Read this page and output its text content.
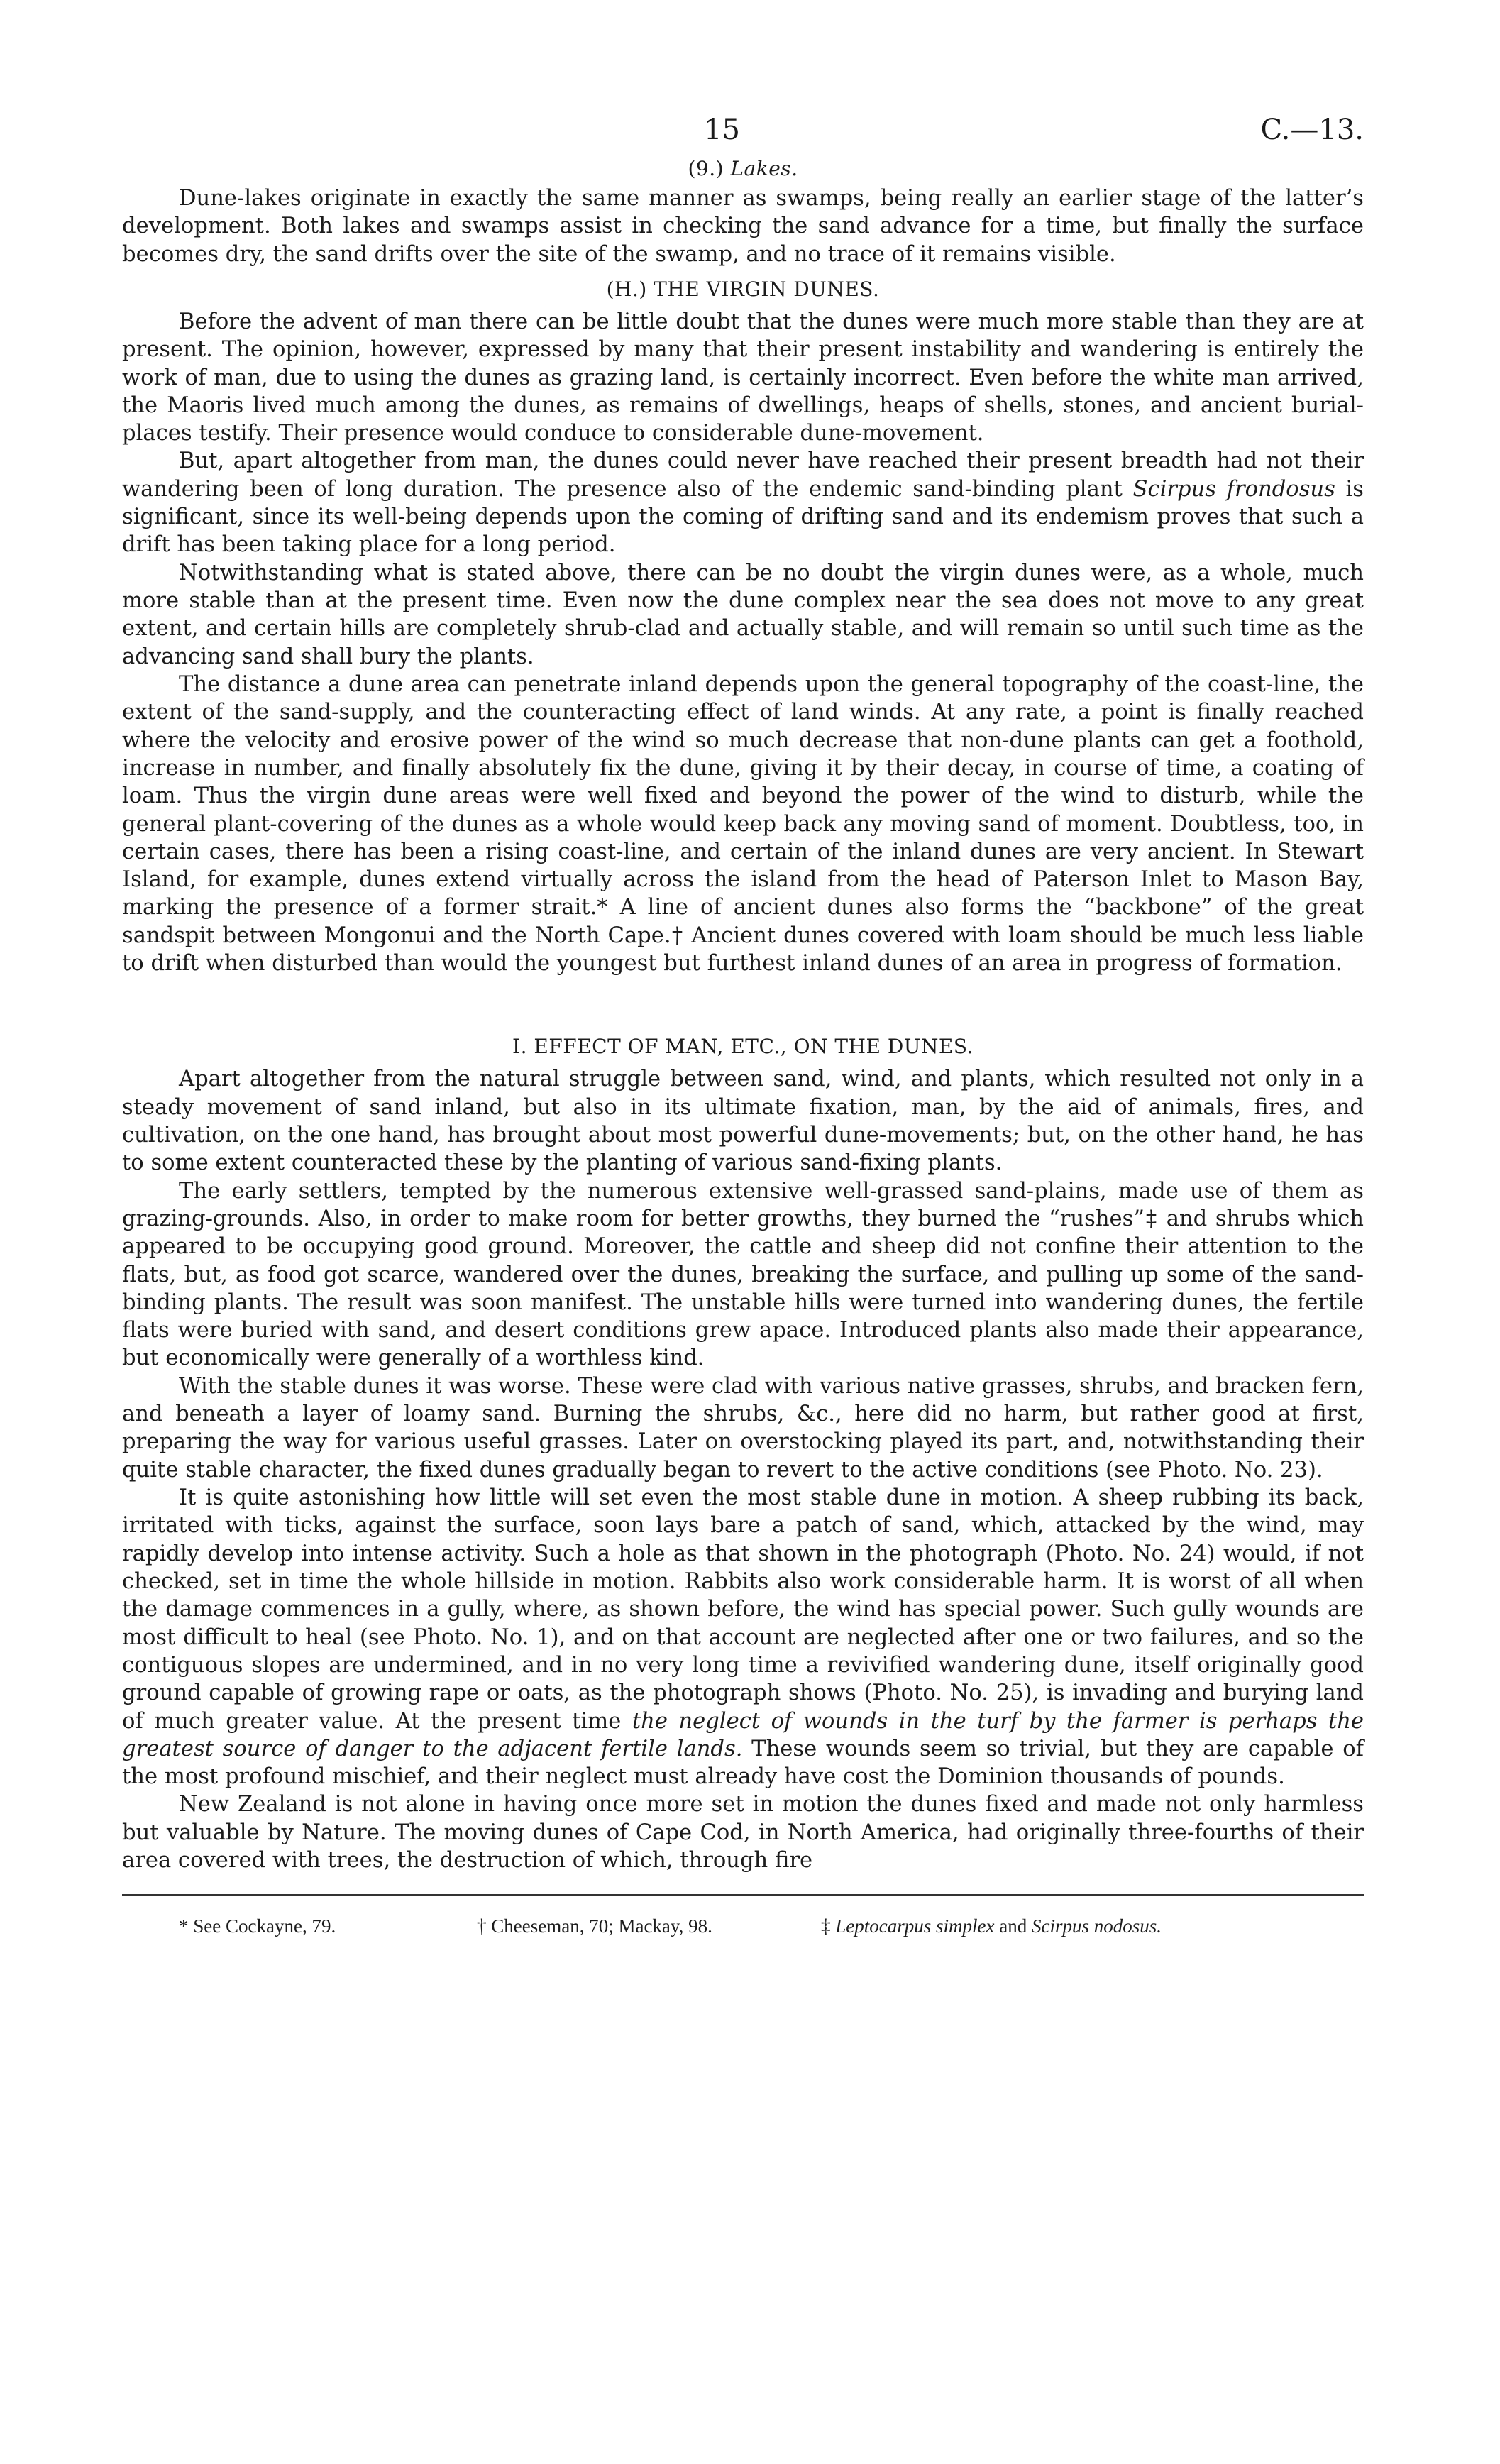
15	C.—13.

(9.) Lakes.

Dune-lakes originate in exactly the same manner as swamps, being really an earlier stage of the latter’s development. Both lakes and swamps assist in checking the sand advance for a time, but finally the surface becomes dry, the sand drifts over the site of the swamp, and no trace of it remains visible.

(H.) THE VIRGIN DUNES.

Before the advent of man there can be little doubt that the dunes were much more stable than they are at present. The opinion, however, expressed by many that their present instability and wandering is entirely the work of man, due to using the dunes as grazing land, is certainly incorrect. Even before the white man arrived, the Maoris lived much among the dunes, as remains of dwellings, heaps of shells, stones, and ancient burial-places testify. Their presence would conduce to considerable dune-movement.

But, apart altogether from man, the dunes could never have reached their present breadth had not their wandering been of long duration. The presence also of the endemic sand-binding plant Scirpus frondosus is significant, since its well-being depends upon the coming of drifting sand and its endemism proves that such a drift has been taking place for a long period.

Notwithstanding what is stated above, there can be no doubt the virgin dunes were, as a whole, much more stable than at the present time. Even now the dune complex near the sea does not move to any great extent, and certain hills are completely shrub-clad and actually stable, and will remain so until such time as the advancing sand shall bury the plants.

The distance a dune area can penetrate inland depends upon the general topography of the coast-line, the extent of the sand-supply, and the counteracting effect of land winds. At any rate, a point is finally reached where the velocity and erosive power of the wind so much decrease that non-dune plants can get a foothold, increase in number, and finally absolutely fix the dune, giving it by their decay, in course of time, a coating of loam. Thus the virgin dune areas were well fixed and beyond the power of the wind to disturb, while the general plant-covering of the dunes as a whole would keep back any moving sand of moment. Doubtless, too, in certain cases, there has been a rising coast-line, and certain of the inland dunes are very ancient. In Stewart Island, for example, dunes extend virtually across the island from the head of Paterson Inlet to Mason Bay, marking the presence of a former strait.* A line of ancient dunes also forms the “backbone” of the great sandspit between Mongonui and the North Cape.† Ancient dunes covered with loam should be much less liable to drift when disturbed than would the youngest but furthest inland dunes of an area in progress of formation.

I. EFFECT OF MAN, ETC., ON THE DUNES.

Apart altogether from the natural struggle between sand, wind, and plants, which resulted not only in a steady movement of sand inland, but also in its ultimate fixation, man, by the aid of animals, fires, and cultivation, on the one hand, has brought about most powerful dune-movements; but, on the other hand, he has to some extent counteracted these by the planting of various sand-fixing plants.

The early settlers, tempted by the numerous extensive well-grassed sand-plains, made use of them as grazing-grounds. Also, in order to make room for better growths, they burned the “rushes”‡ and shrubs which appeared to be occupying good ground. Moreover, the cattle and sheep did not confine their attention to the flats, but, as food got scarce, wandered over the dunes, breaking the surface, and pulling up some of the sand-binding plants. The result was soon manifest. The unstable hills were turned into wandering dunes, the fertile flats were buried with sand, and desert conditions grew apace. Introduced plants also made their appearance, but economically were generally of a worthless kind.

With the stable dunes it was worse. These were clad with various native grasses, shrubs, and bracken fern, and beneath a layer of loamy sand. Burning the shrubs, &c., here did no harm, but rather good at first, preparing the way for various useful grasses. Later on overstocking played its part, and, notwithstanding their quite stable character, the fixed dunes gradually began to revert to the active conditions (see Photo. No. 23).

It is quite astonishing how little will set even the most stable dune in motion. A sheep rubbing its back, irritated with ticks, against the surface, soon lays bare a patch of sand, which, attacked by the wind, may rapidly develop into intense activity. Such a hole as that shown in the photograph (Photo. No. 24) would, if not checked, set in time the whole hillside in motion. Rabbits also work considerable harm. It is worst of all when the damage commences in a gully, where, as shown before, the wind has special power. Such gully wounds are most difficult to heal (see Photo. No. 1), and on that account are neglected after one or two failures, and so the contiguous slopes are undermined, and in no very long time a revivified wandering dune, itself originally good ground capable of growing rape or oats, as the photograph shows (Photo. No. 25), is invading and burying land of much greater value. At the present time the neglect of wounds in the turf by the farmer is perhaps the greatest source of danger to the adjacent fertile lands. These wounds seem so trivial, but they are capable of the most profound mischief, and their neglect must already have cost the Dominion thousands of pounds.

New Zealand is not alone in having once more set in motion the dunes fixed and made not only harmless but valuable by Nature. The moving dunes of Cape Cod, in North America, had originally three-fourths of their area covered with trees, the destruction of which, through fire

* See Cockayne, 79.	† Cheeseman, 70; Mackay, 98.	‡ Leptocarpus simplex and Scirpus nodosus.
